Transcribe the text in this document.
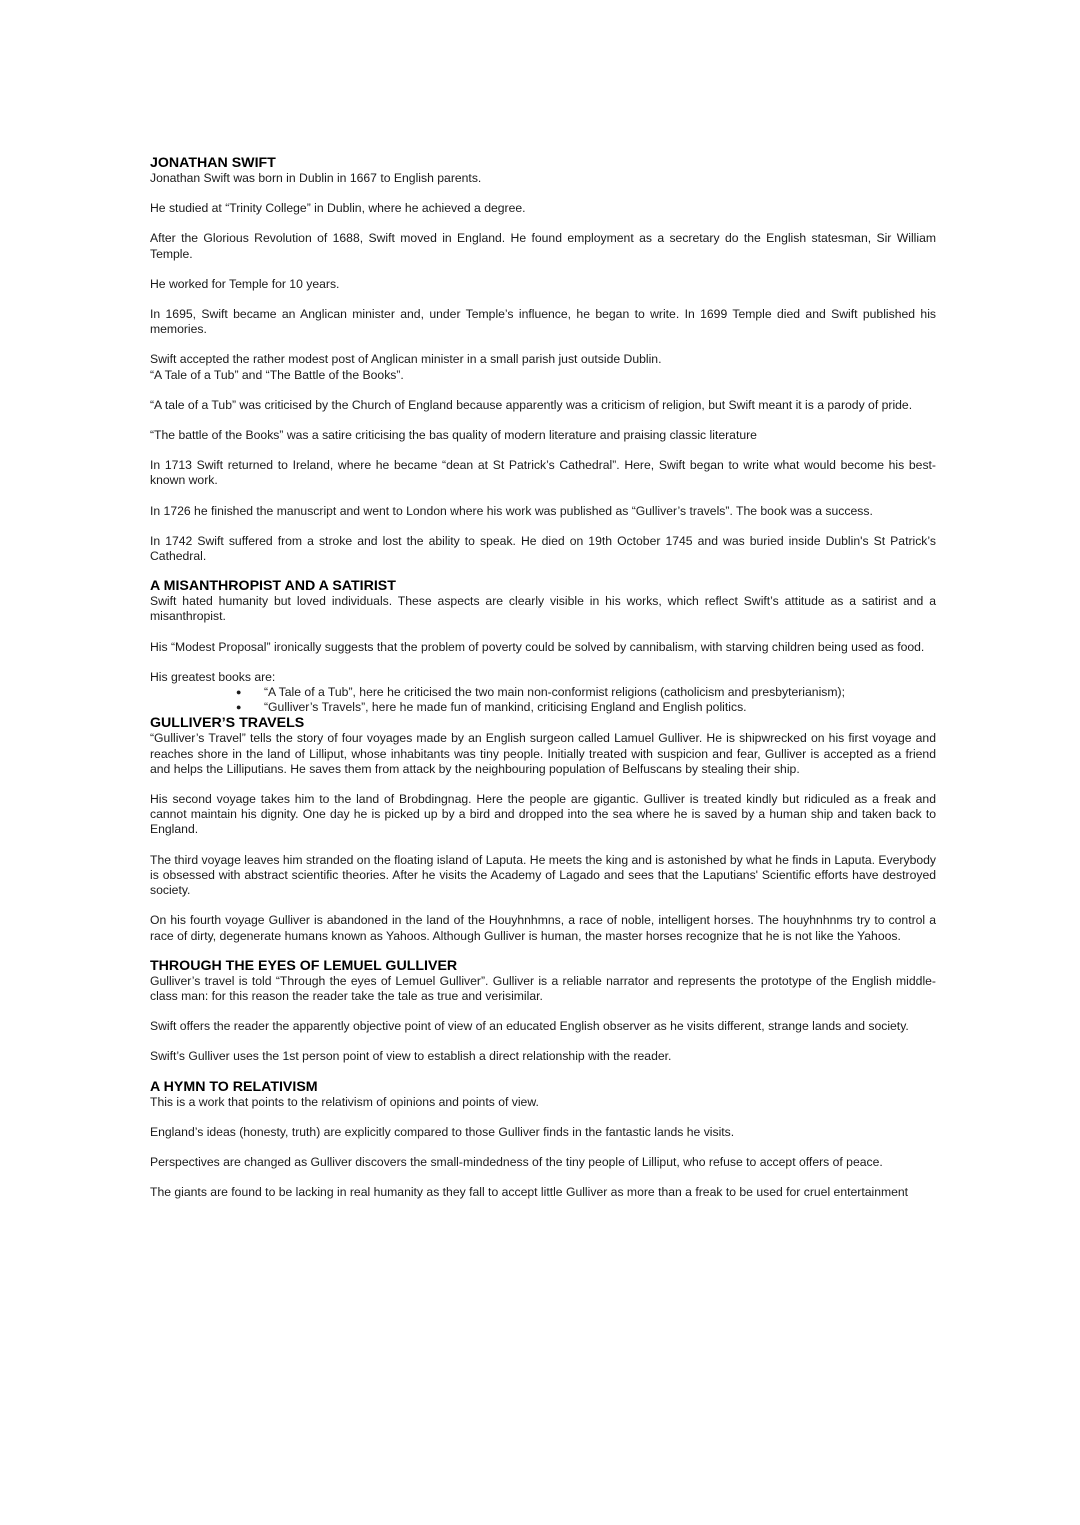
JONATHAN SWIFT

Jonathan Swift was born in Dublin in 1667 to English parents.

He studied at “Trinity College” in Dublin, where he achieved a degree.

After the Glorious Revolution of 1688, Swift moved in England. He found employment as a secretary do the English statesman, Sir William Temple.

He worked for Temple for 10 years.

In 1695, Swift became an Anglican minister and, under Temple’s influence, he began to write. In 1699 Temple died and Swift published his memories.

Swift accepted the rather modest post of Anglican minister in a small parish just outside Dublin.

“A Tale of a Tub” and “The Battle of the Books”.

“A tale of a Tub” was criticised by the Church of England because apparently was a criticism of religion, but Swift meant it is a parody of pride.

“The battle of the Books” was a satire criticising the bas quality of modern literature and praising classic literature

In 1713 Swift returned to Ireland, where he became “dean at St Patrick’s Cathedral”. Here, Swift began to write what would become his best-known work.

In 1726 he finished the manuscript and went to London where his work was published as “Gulliver’s travels”. The book was a success.

In 1742 Swift suffered from a stroke and lost the ability to speak. He died on 19th October 1745 and was buried inside Dublin's St Patrick’s Cathedral.

A MISANTHROPIST AND A SATIRIST

Swift hated humanity but loved individuals. These aspects are clearly visible in his works, which reflect Swift’s attitude as a satirist and a misanthropist.

His “Modest Proposal” ironically suggests that the problem of poverty could be solved by cannibalism, with starving children being used as food.

His greatest books are:

● “A Tale of a Tub”, here he criticised the two main non-conformist religions (catholicism and presbyterianism);
● “Gulliver’s Travels”, here he made fun of mankind, criticising England and English politics.
GULLIVER’S TRAVELS

“Gulliver’s Travel” tells the story of four voyages made by an English surgeon called Lamuel Gulliver. He is shipwrecked on his first voyage and reaches shore in the land of Lilliput, whose inhabitants was tiny people. Initially treated with suspicion and fear, Gulliver is accepted as a friend and helps the Lilliputians. He saves them from attack by the neighbouring population of Belfuscans by stealing their ship.

His second voyage takes him to the land of Brobdingnag. Here the people are gigantic. Gulliver is treated kindly but ridiculed as a freak and cannot maintain his dignity. One day he is picked up by a bird and dropped into the sea where he is saved by a human ship and taken back to England.

The third voyage leaves him stranded on the floating island of Laputa. He meets the king and is astonished by what he finds in Laputa. Everybody is obsessed with abstract scientific theories. After he visits the Academy of Lagado and sees that the Laputians' Scientific efforts have destroyed society.

On his fourth voyage Gulliver is abandoned in the land of the Houyhnhmns, a race of noble, intelligent horses. The houyhnhnms try to control a race of dirty, degenerate humans known as Yahoos. Although Gulliver is human, the master horses recognize that he is not like the Yahoos.

THROUGH THE EYES OF LEMUEL GULLIVER

Gulliver’s travel is told “Through the eyes of Lemuel Gulliver”. Gulliver is a reliable narrator and represents the prototype of the English middle-class man: for this reason the reader take the tale as true and verisimilar.

Swift offers the reader the apparently objective point of view of an educated English observer as he visits different, strange lands and society.

Swift’s Gulliver uses the 1st person point of view to establish a direct relationship with the reader.

A HYMN TO RELATIVISM

This is a work that points to the relativism of opinions and points of view.

England’s ideas (honesty, truth) are explicitly compared to those Gulliver finds in the fantastic lands he visits.

Perspectives are changed as Gulliver discovers the small-mindedness of the tiny people of Lilliput, who refuse to accept offers of peace.

The giants are found to be lacking in real humanity as they fall to accept little Gulliver as more than a freak to be used for cruel entertainment
